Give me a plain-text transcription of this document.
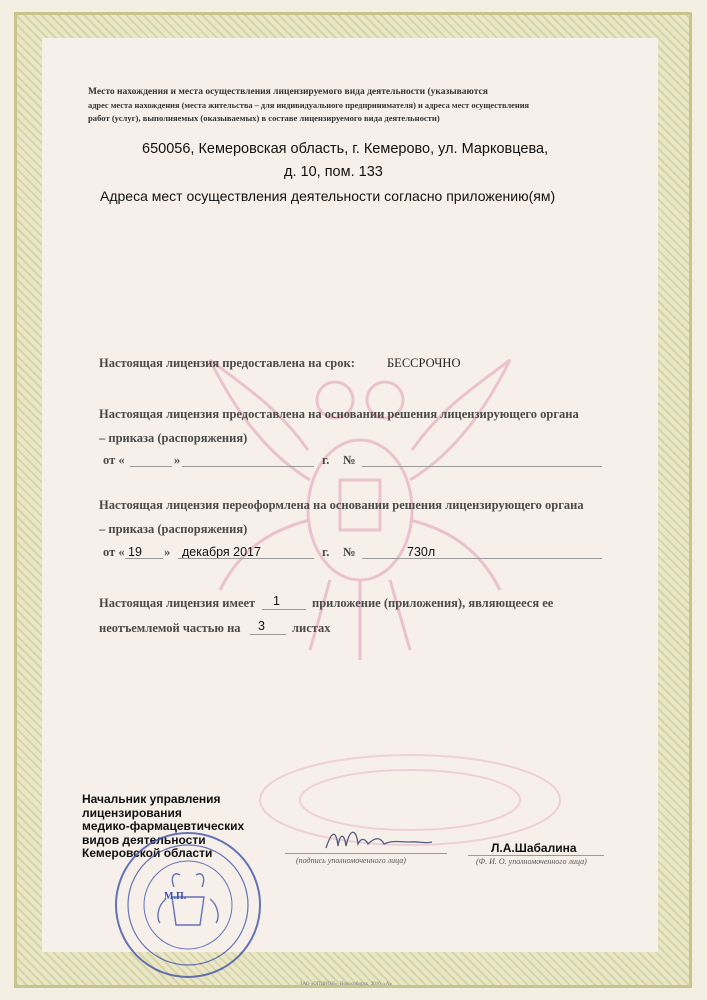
Место нахождения и места осуществления лицензируемого вида деятельности (указываются
адрес места нахождения (места жительства – для индивидуального предпринимателя) и адреса мест осуществления
работ (услуг), выполняемых (оказываемых) в составе лицензируемого вида деятельности)
650056, Кемеровская область, г. Кемерово, ул. Марковцева,
д. 10, пом. 133
Адреса мест осуществления деятельности согласно приложению(ям)
Настоящая лицензия предоставлена на срок:	БЕССРОЧНО
Настоящая лицензия предоставлена на основании решения лицензирующего органа
– приказа (распоряжения)
от «	»	г. №
Настоящая лицензия переоформлена на основании решения лицензирующего органа
– приказа (распоряжения)
от « 19 » декабря 2017	г. №	730л
Настоящая лицензия имеет 1	приложение (приложения), являющееся ее
неотъемлемой частью на 3 листах
Начальник управления
лицензирования
медико-фармацевтических
видов деятельности
Кемеровской области
(подпись уполномоченного лица)
Л.А.Шабалина
(Ф. И. О. уполномоченного лица)
М.П.
ЗАО «ОПЦИОН», Новосибирск, 2016, «А»
